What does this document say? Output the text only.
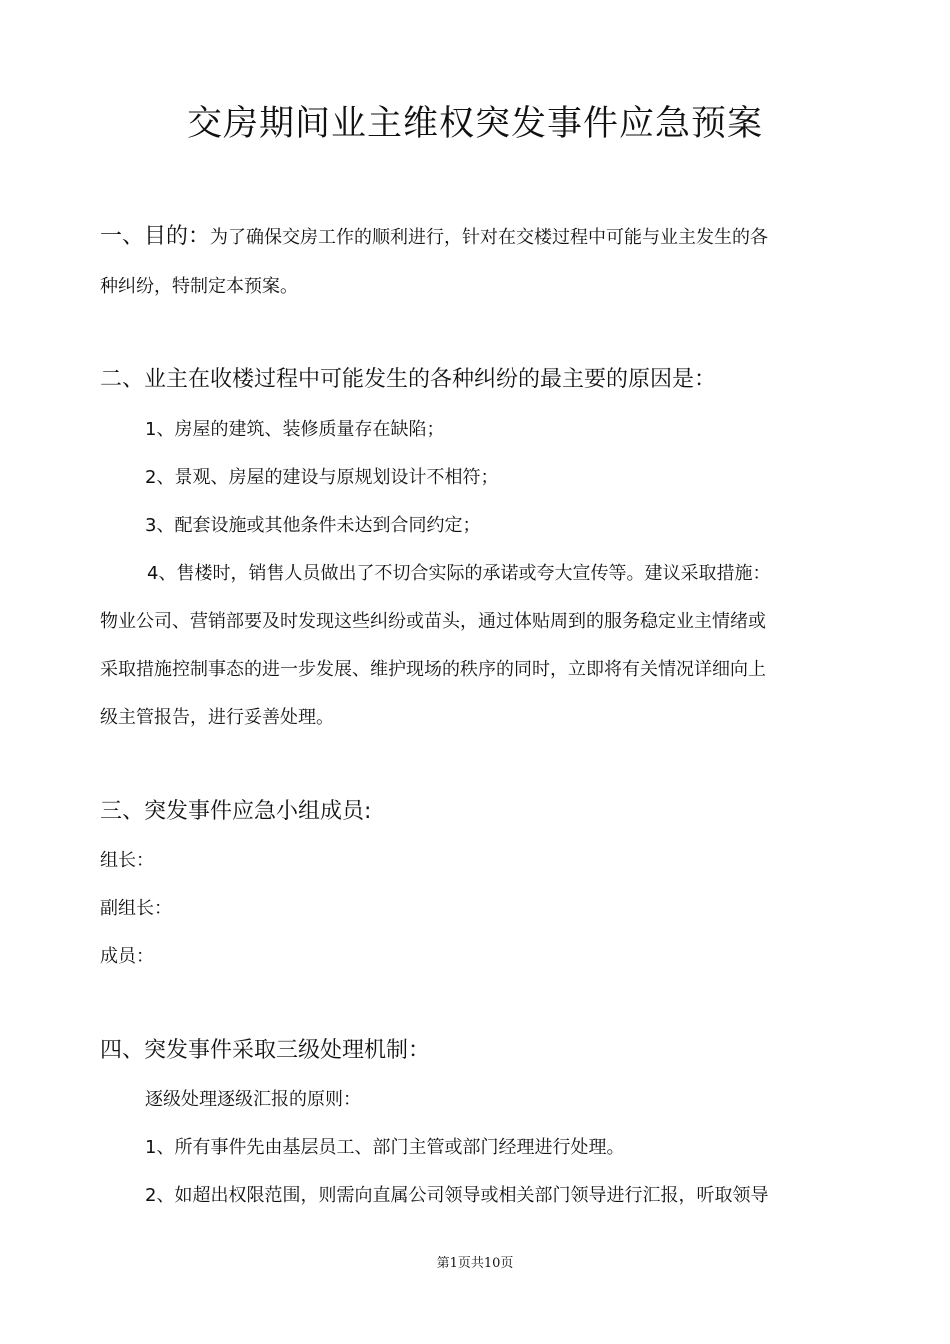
交房期间业主维权突发事件应急预案
一、目的：为了确保交房工作的顺利进行，针对在交楼过程中可能与业主发生的各
种纠纷，特制定本预案。
二、业主在收楼过程中可能发生的各种纠纷的最主要的原因是：
1、房屋的建筑、装修质量存在缺陷；
2、景观、房屋的建设与原规划设计不相符；
3、配套设施或其他条件未达到合同约定；
4、售楼时，销售人员做出了不切合实际的承诺或夸大宣传等。建议采取措施：
物业公司、营销部要及时发现这些纠纷或苗头，通过体贴周到的服务稳定业主情绪或
采取措施控制事态的进一步发展、维护现场的秩序的同时，立即将有关情况详细向上
级主管报告，进行妥善处理。
三、突发事件应急小组成员:
组长：
副组长：
成员：
四、突发事件采取三级处理机制：
逐级处理逐级汇报的原则：
1、所有事件先由基层员工、部门主管或部门经理进行处理。
2、如超出权限范围，则需向直属公司领导或相关部门领导进行汇报，听取领导
第1页共10页
